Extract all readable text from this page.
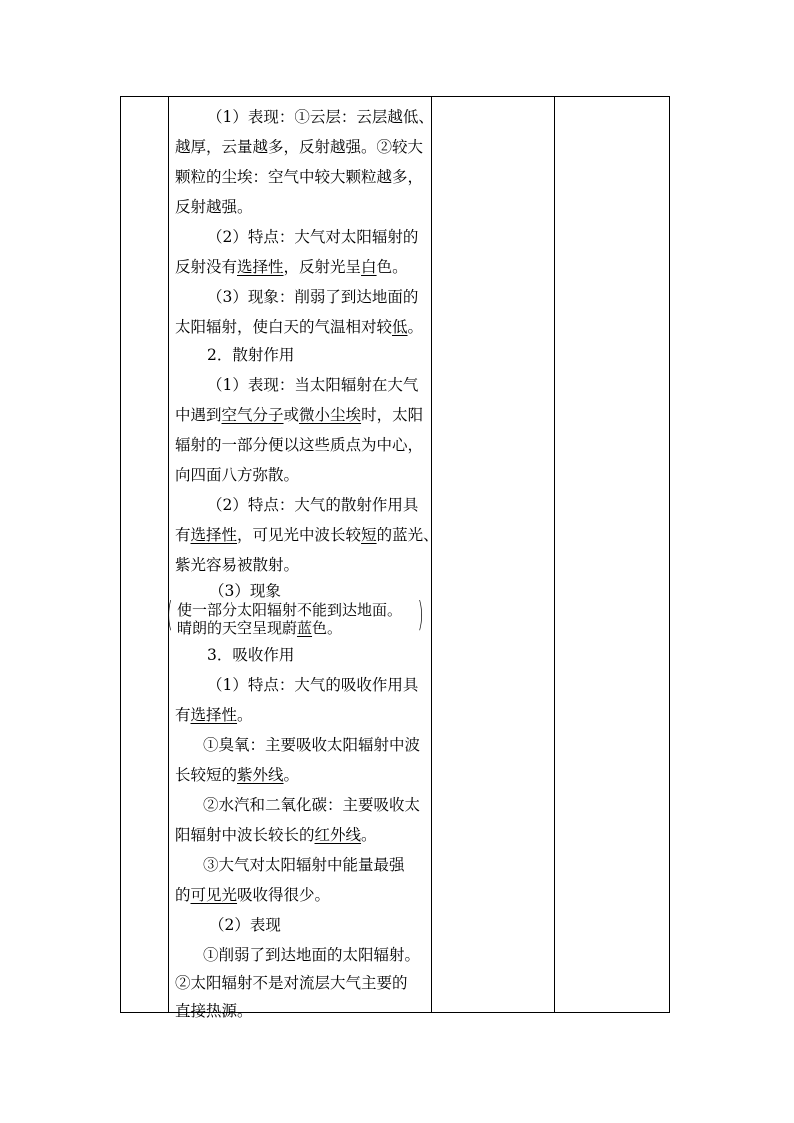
（1）表现：①云层：云层越低、
越厚，云量越多，反射越强。②较大
颗粒的尘埃：空气中较大颗粒越多，
反射越强。
（2）特点：大气对太阳辐射的
反射没有选择性，反射光呈白色。
（3）现象：削弱了到达地面的
太阳辐射，使白天的气温相对较低。
2．散射作用
（1）表现：当太阳辐射在大气
中遇到空气分子或微小尘埃时，太阳
辐射的一部分便以这些质点为中心，
向四面八方弥散。
（2）特点：大气的散射作用具
有选择性，可见光中波长较短的蓝光、
紫光容易被散射。
（3）现象
( 使一部分太阳辐射不能到达地面。
晴朗的天空呈现蔚蓝色。 )
3．吸收作用
（1）特点：大气的吸收作用具
有选择性。
①臭氧：主要吸收太阳辐射中波
长较短的紫外线。
②水汽和二氧化碳：主要吸收太
阳辐射中波长较长的红外线。
③大气对太阳辐射中能量最强
的可见光吸收得很少。
（2）表现
①削弱了到达地面的太阳辐射。
②太阳辐射不是对流层大气主要的
直接热源。
